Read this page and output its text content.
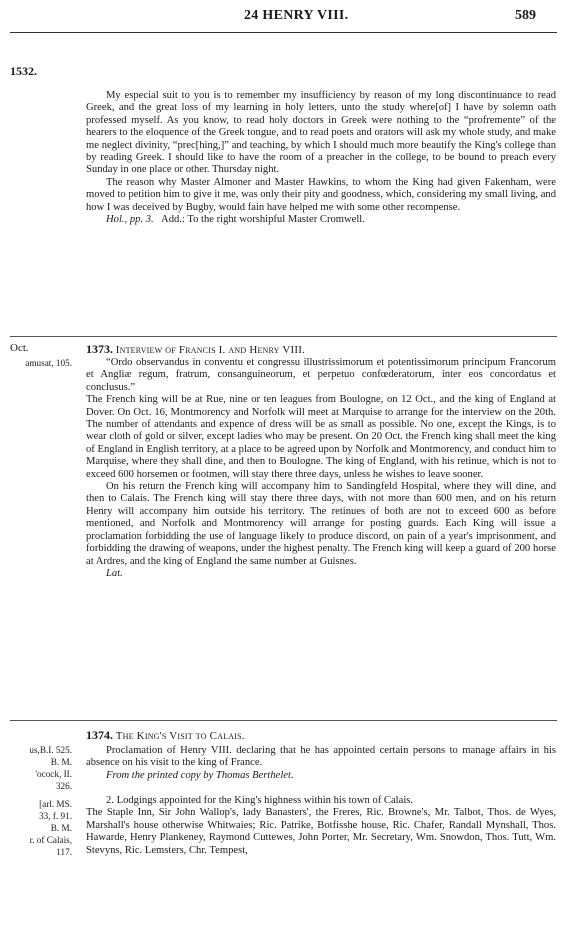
24 HENRY VIII.	589
1532.

My especial suit to you is to remember my insufficiency by reason of my long discontinuance to read Greek, and the great loss of my learning in holy letters, unto the study where[of] I have by solemn oath professed myself. As you know, to read holy doctors in Greek were nothing to the “profremente” of the hearers to the eloquence of the Greek tongue, and to read poets and orators will ask my whole study, and make me neglect divinity, “prec[hing,]” and teaching, by which I should much more beautify the King's college than by reading Greek. I should like to have the room of a preacher in the college, to be bound to preach every Sunday in one place or other. Thursday night.

The reason why Master Almoner and Master Hawkins, to whom the King had given Fakenham, were moved to petition him to give it me, was only their pity and goodness, which, considering my small living, and how I was deceived by Bugby, would fain have helped me with some other recompense.

Hol., pp. 3. Add.: To the right worshipful Master Cromwell.

Oct.
amusat, 105.
1373. Interview of Francis I. and Henry VIII.

“Ordo observandus in conventu et congressu illustrissimorum et potentissimorum principum Francorum et Angliæ regum, fratrum, consanguineorum, et perpetuo confœderatorum, inter eos concordatus et conclusus.”

The French king will be at Rue, nine or ten leagues from Boulogne, on 12 Oct., and the king of England at Dover. On Oct. 16, Montmorency and Norfolk will meet at Marquise to arrange for the interview on the 20th. The number of attendants and expence of dress will be as small as possible. No one, except the Kings, is to wear cloth of gold or silver, except ladies who may be present. On 20 Oct. the French king shall meet the king of England in English territory, at a place to be agreed upon by Norfolk and Montmorency, and conduct him to Marquise, where they shall dine, and then to Boulogne. The king of England, with his retinue, which is not to exceed 600 horsemen or footmen, will stay there three days, unless he wishes to leave sooner.

On his return the French king will accompany him to Sandingfeld Hospital, where they will dine, and then to Calais. The French king will stay there three days, with not more than 600 men, and on his return Henry will accompany him outside his territory. The retinues of both are not to exceed 600 as before mentioned, and Norfolk and Montmorency will arrange for posting guards. Each King will issue a proclamation forbidding the use of language likely to produce discord, on pain of a year's imprisonment, and forbidding the drawing of weapons, under the highest penalty. The French king will keep a guard of 200 horse at Ardres, and the king of England the same number at Guisnes.

Lat.

1374. The King's Visit to Calais.
us,B.I. 525.
B. M.
'ocock, II.
326.
[arl. MS.
33, f. 91.
B. M.
r. of Calais,
117.

Proclamation of Henry VIII. declaring that he has appointed certain persons to manage affairs in his absence on his visit to the king of France.

From the printed copy by Thomas Berthelet.

2. Lodgings appointed for the King's highness within his town of Calais.

The Staple Inn, Sir John Wallop's, lady Banasters', the Freres, Ric. Browne's, Mr. Talbot, Thos. de Wyes, Marshall's house otherwise Whitwaies; Ric. Patrike, Botfisshe house, Ric. Chafer, Randall Mynshall, Thos. Hawarde, Henry Plankeney, Raymond Cuttewes, John Porter, Mr. Secretary, Wm. Snowdon, Thos. Tutt, Wm. Stevyns, Ric. Lemsters, Chr. Tempest,
